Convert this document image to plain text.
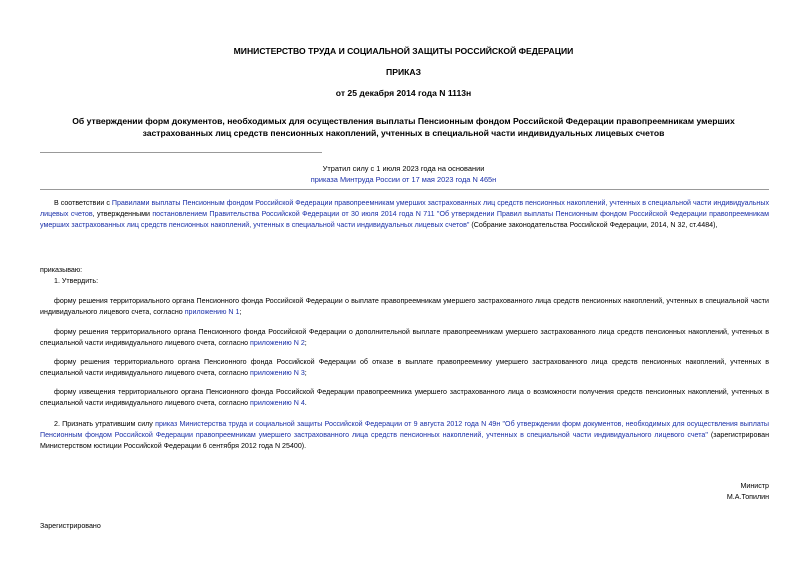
МИНИСТЕРСТВО ТРУДА И СОЦИАЛЬНОЙ ЗАЩИТЫ РОССИЙСКОЙ ФЕДЕРАЦИИ
ПРИКАЗ
от 25 декабря 2014 года N 1113н
Об утверждении форм документов, необходимых для осуществления выплаты Пенсионным фондом Российской Федерации правопреемникам умерших застрахованных лиц средств пенсионных накоплений, учтенных в специальной части индивидуальных лицевых счетов
Утратил силу с 1 июля 2023 года на основании
приказа Минтруда России от 17 мая 2023 года N 465н
В соответствии с Правилами выплаты Пенсионным фондом Российской Федерации правопреемникам умерших застрахованных лиц средств пенсионных накоплений, учтенных в специальной части индивидуальных лицевых счетов, утвержденными постановлением Правительства Российской Федерации от 30 июля 2014 года N 711 "Об утверждении Правил выплаты Пенсионным фондом Российской Федерации правопреемникам умерших застрахованных лиц средств пенсионных накоплений, учтенных в специальной части индивидуальных лицевых счетов" (Собрание законодательства Российской Федерации, 2014, N 32, ст.4484),
приказываю:
1. Утвердить:
форму решения территориального органа Пенсионного фонда Российской Федерации о выплате правопреемникам умершего застрахованного лица средств пенсионных накоплений, учтенных в специальной части индивидуального лицевого счета, согласно приложению N 1;
форму решения территориального органа Пенсионного фонда Российской Федерации о дополнительной выплате правопреемникам умершего застрахованного лица средств пенсионных накоплений, учтенных в специальной части индивидуального лицевого счета, согласно приложению N 2;
форму решения территориального органа Пенсионного фонда Российской Федерации об отказе в выплате правопреемнику умершего застрахованного лица средств пенсионных накоплений, учтенных в специальной части индивидуального лицевого счета, согласно приложению N 3;
форму извещения территориального органа Пенсионного фонда Российской Федерации правопреемника умершего застрахованного лица о возможности получения средств пенсионных накоплений, учтенных в специальной части индивидуального лицевого счета, согласно приложению N 4.
2. Признать утратившим силу приказ Министерства труда и социальной защиты Российской Федерации от 9 августа 2012 года N 49н "Об утверждении форм документов, необходимых для осуществления выплаты Пенсионным фондом Российской Федерации правопреемникам умершего застрахованного лица средств пенсионных накоплений, учтенных в специальной части индивидуального лицевого счета" (зарегистрирован Министерством юстиции Российской Федерации 6 сентября 2012 года N 25400).
Министр
М.А.Топилин
Зарегистрировано
